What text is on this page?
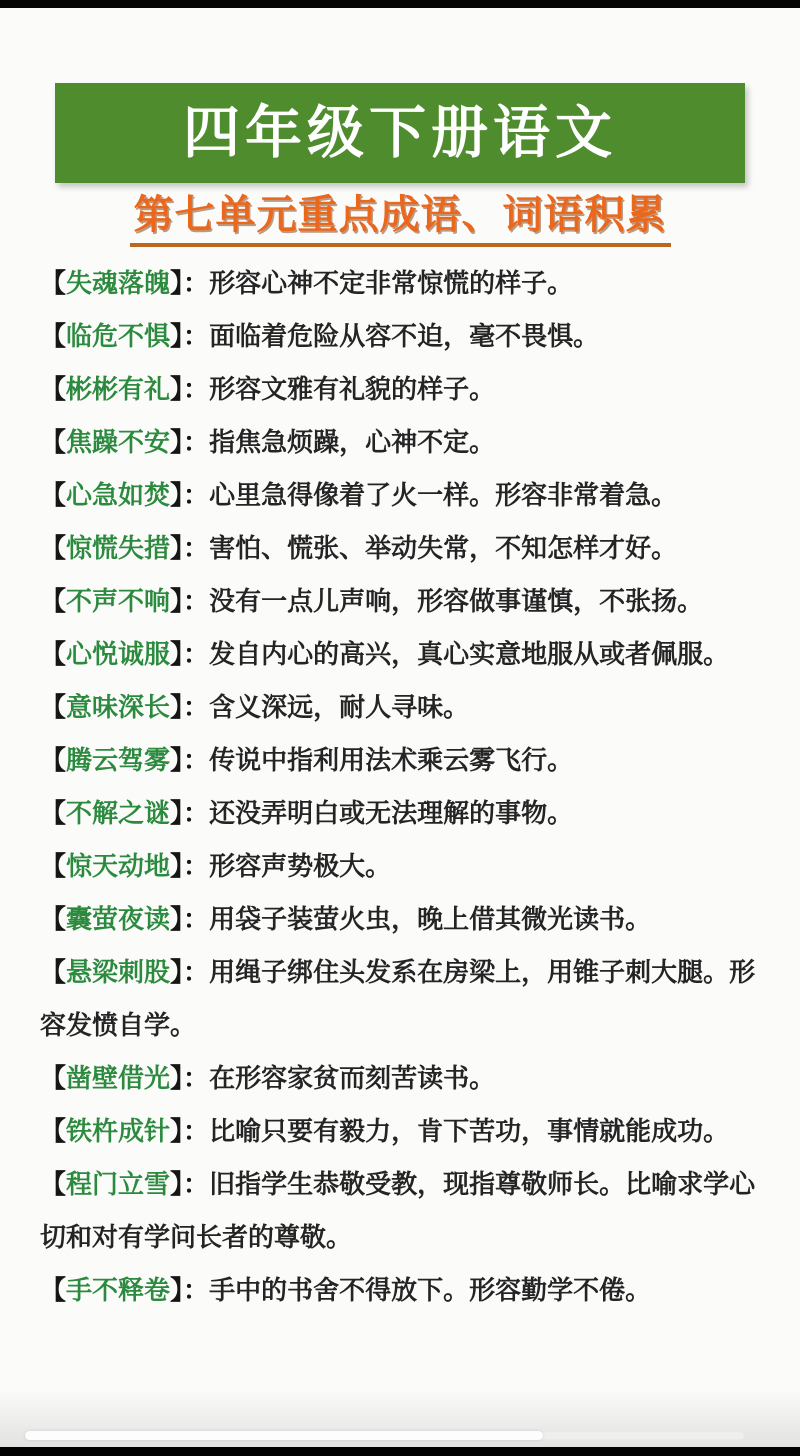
四年级下册语文
第七单元重点成语、词语积累
【失魂落魄】：形容心神不定非常惊慌的样子。
【临危不惧】：面临着危险从容不迫，毫不畏惧。
【彬彬有礼】：形容文雅有礼貌的样子。
【焦躁不安】：指焦急烦躁，心神不定。
【心急如焚】：心里急得像着了火一样。形容非常着急。
【惊慌失措】：害怕、慌张、举动失常，不知怎样才好。
【不声不响】：没有一点儿声响，形容做事谨慎，不张扬。
【心悦诚服】：发自内心的高兴，真心实意地服从或者佩服。
【意味深长】：含义深远，耐人寻味。
【腾云驾雾】：传说中指利用法术乘云雾飞行。
【不解之谜】：还没弄明白或无法理解的事物。
【惊天动地】：形容声势极大。
【囊萤夜读】：用袋子装萤火虫，晚上借其微光读书。
【悬梁刺股】：用绳子绑住头发系在房梁上，用锥子刺大腿。形容发愤自学。
【凿壁借光】：在形容家贫而刻苦读书。
【铁杵成针】：比喻只要有毅力，肯下苦功，事情就能成功。
【程门立雪】：旧指学生恭敬受教，现指尊敬师长。比喻求学心切和对有学问长者的尊敬。
【手不释卷】：手中的书舍不得放下。形容勤学不倦。
